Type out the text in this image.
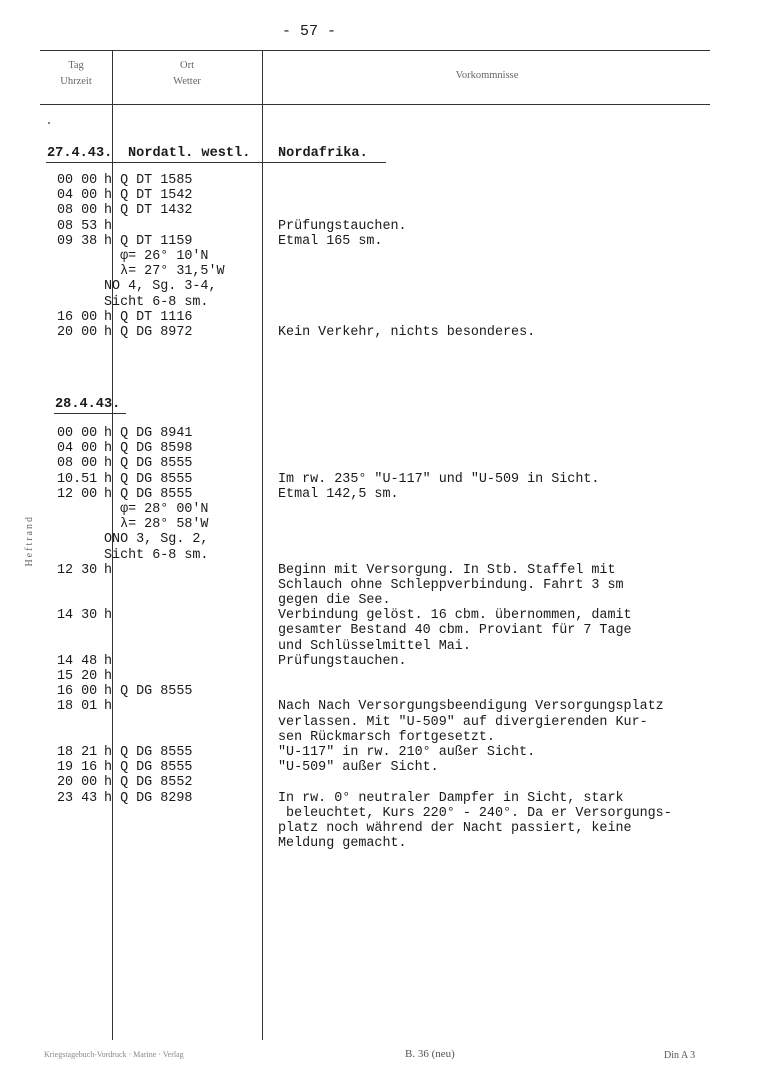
- 57 -
Tag
Uhrzeit
Ort
Wetter
Vorkommnisse
27.4.43. Nordatl. westl. Nordafrika.
00 00
04 00
08 00
08 53
09 38
16 00
20 00
h Q DT 1585
h Q DT 1542
h Q DT 1432
h
h Q DT 1159
φ= 26° 10'N
λ= 27° 31,5'W
NO 4, Sg. 3-4,
Sicht 6-8 sm.
h Q DT 1116
h Q DG 8972
Prüfungstauchen.
Etmal 165 sm.
Kein Verkehr, nichts besonderes.
28.4.43.
00 00
04 00
08 00
10.51
12 00
12 30
14 30
14 48
15 20
16 00
18 01
18 21
19 16
20 00
23 43
h Q DG 8941
h Q DG 8598
h Q DG 8555
h Q DG 8555
h Q DG 8555
φ= 28° 00'N
λ= 28° 58'W
ONO 3, Sg. 2,
Sicht 6-8 sm.
h
h
h
h
h Q DG 8555
h
h Q DG 8555
h Q DG 8555
h Q DG 8552
h Q DG 8298
Im rw. 235° "U-117" und "U-509 in Sicht.
Etmal 142,5 sm.
Beginn mit Versorgung. In Stb. Staffel mit
Schlauch ohne Schleppverbindung. Fahrt 3 sm
gegen die See.
Verbindung gelöst. 16 cbm. übernommen, damit
gesamter Bestand 40 cbm. Proviant für 7 Tage
und Schlüsselmittel Mai.
Prüfungstauchen.
Nach Nach Versorgungsbeendigung Versorgungsplatz
verlassen. Mit "U-509" auf divergierenden Kur-
sen Rückmarsch fortgesetzt.
"U-117" in rw. 210° außer Sicht.
"U-509" außer Sicht.
In rw. 0° neutraler Dampfer in Sicht, stark
beleuchtet, Kurs 220° - 240°. Da er Versorgungs-
platz noch während der Nacht passiert, keine
Meldung gemacht.
Heftrand
Kriegstagebuch-Vordruck · Marine · Verlag	B. 36 (neu)	Din A 3
